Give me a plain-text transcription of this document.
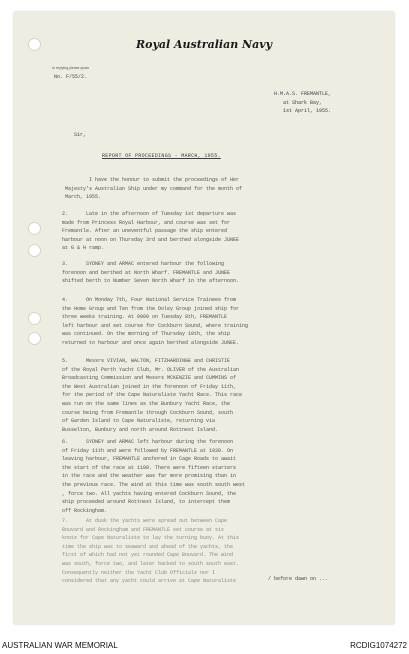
Royal Australian Navy
In replying please quote
No. F/55/2.
H.M.A.S. FREMANTLE,
at Shark Bay,
1st April, 1955.
Sir,
REPORT OF PROCEEDINGS - MARCH, 1955.
I have the honour to submit the proceedings of Her
Majesty's Australian Ship under my command for the month of
March, 1955.
2.      Late in the afternoon of Tuesday 1st departure was
made from Princess Royal Harbour, and course was set for
Fremantle. After an uneventful passage the ship entered
harbour at noon on Thursday 3rd and berthed alongside JUNEE
at G & H ramp.
3.      SYDNEY and ARMAC entered harbour the following
forenoon and berthed at North Wharf. FREMANTLE and JUNEE
shifted berth to Number Seven North Wharf in the afternoon.
4.      On Monday 7th, Four National Service Trainees from
the Home Group and Ten from the Ooley Group joined ship for
three weeks training. At 0900 on Tuesday 8th, FREMANTLE
left harbour and set course for Cockburn Sound, where training
was continued. On the morning of Thursday 10th, the ship
returned to harbour and once again berthed alongside JUNEE.
5.      Messrs VIVIAN, WALTON, FITZHARDINGE and CHRISTIE
of the Royal Perth Yacht Club, Mr. OLIVER of the Australian
Broadcasting Commission and Messrs MCKENZIE and CUMMINS of
the West Australian joined in the forenoon of Friday 11th,
for the period of the Cape Naturaliste Yacht Race. This race
was run on the same lines as the Bunbury Yacht Race, the
course being from Fremantle through Cockburn Sound, south
of Garden Island to Cape Naturaliste, returning via
Busselton, Bunbury and north around Rottnest Island.
6.      SYDNEY and ARMAC left harbour during the forenoon
of Friday 11th and were followed by FREMANTLE at 1030. On
leaving harbour, FREMANTLE anchored in Cage Roads to await
the start of the race at 1100. There were fifteen starters
in the race and the weather was far more promising than in
the previous race. The wind at this time was south south west
, force two. All yachts having entered Cockburn Sound, the
ship proceeded around Rottnest Island, to intercept them
off Rockingham.
7.      At dusk the yachts were spread out between Cape
Bouvard and Rockingham and FREMANTLE set course at six
knots for Cape Naturaliste to lay the turning buoy. At this
time the ship was to seaward and ahead of the yachts, the
first of which had not yet rounded Cape Bouvard. The wind
was south, force two, and later backed to south south east.
Consequently neither the Yacht Club Officials nor I
considered that any yacht could arrive at Cape Naturaliste	/ before dawn on ...
AUSTRALIAN WAR MEMORIAL	RCDIG1074272
